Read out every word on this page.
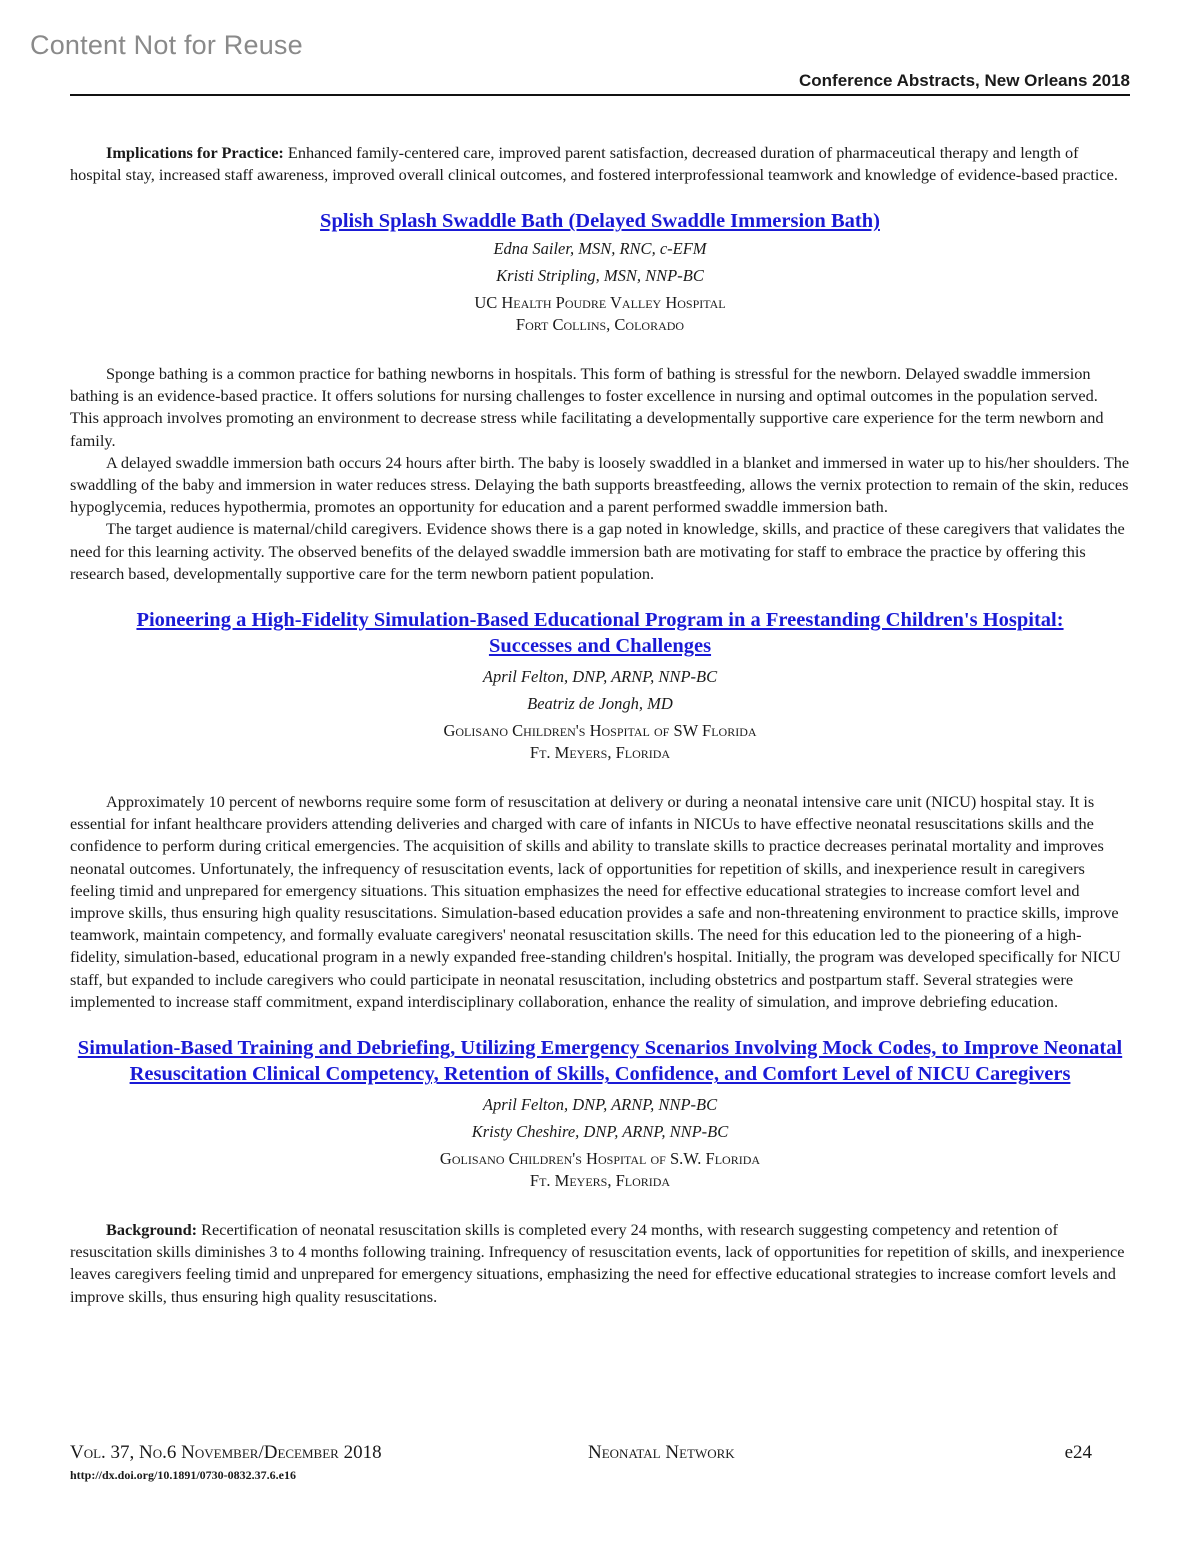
Content Not for Reuse
Conference Abstracts, New Orleans 2018

Implications for Practice: Enhanced family-centered care, improved parent satisfaction, decreased duration of pharmaceutical therapy and length of hospital stay, increased staff awareness, improved overall clinical outcomes, and fostered interprofessional teamwork and knowledge of evidence-based practice.

Splish Splash Swaddle Bath (Delayed Swaddle Immersion Bath)

Edna Sailer, MSN, RNC, c-EFM

Kristi Stripling, MSN, NNP-BC

UC Health Poudre Valley Hospital

Fort Collins, Colorado

Sponge bathing is a common practice for bathing newborns in hospitals. This form of bathing is stressful for the newborn. Delayed swaddle immersion bathing is an evidence-based practice. It offers solutions for nursing challenges to foster excellence in nursing and optimal outcomes in the population served. This approach involves promoting an environment to decrease stress while facilitating a developmentally supportive care experience for the term newborn and family.

A delayed swaddle immersion bath occurs 24 hours after birth. The baby is loosely swaddled in a blanket and immersed in water up to his/her shoulders. The swaddling of the baby and immersion in water reduces stress. Delaying the bath supports breastfeeding, allows the vernix protection to remain of the skin, reduces hypoglycemia, reduces hypothermia, promotes an opportunity for education and a parent performed swaddle immersion bath.

The target audience is maternal/child caregivers. Evidence shows there is a gap noted in knowledge, skills, and practice of these caregivers that validates the need for this learning activity. The observed benefits of the delayed swaddle immersion bath are motivating for staff to embrace the practice by offering this research based, developmentally supportive care for the term newborn patient population.

Pioneering a High-Fidelity Simulation-Based Educational Program in a Freestanding Children's Hospital: Successes and Challenges

April Felton, DNP, ARNP, NNP-BC

Beatriz de Jongh, MD

Golisano Children's Hospital of SW Florida

Ft. Meyers, Florida

Approximately 10 percent of newborns require some form of resuscitation at delivery or during a neonatal intensive care unit (NICU) hospital stay. It is essential for infant healthcare providers attending deliveries and charged with care of infants in NICUs to have effective neonatal resuscitations skills and the confidence to perform during critical emergencies. The acquisition of skills and ability to translate skills to practice decreases perinatal mortality and improves neonatal outcomes. Unfortunately, the infrequency of resuscitation events, lack of opportunities for repetition of skills, and inexperience result in caregivers feeling timid and unprepared for emergency situations. This situation emphasizes the need for effective educational strategies to increase comfort level and improve skills, thus ensuring high quality resuscitations. Simulation-based education provides a safe and non-threatening environment to practice skills, improve teamwork, maintain competency, and formally evaluate caregivers' neonatal resuscitation skills. The need for this education led to the pioneering of a high-fidelity, simulation-based, educational program in a newly expanded free-standing children's hospital. Initially, the program was developed specifically for NICU staff, but expanded to include caregivers who could participate in neonatal resuscitation, including obstetrics and postpartum staff. Several strategies were implemented to increase staff commitment, expand interdisciplinary collaboration, enhance the reality of simulation, and improve debriefing education.

Simulation-Based Training and Debriefing, Utilizing Emergency Scenarios Involving Mock Codes, to Improve Neonatal Resuscitation Clinical Competency, Retention of Skills, Confidence, and Comfort Level of NICU Caregivers

April Felton, DNP, ARNP, NNP-BC

Kristy Cheshire, DNP, ARNP, NNP-BC

Golisano Children's Hospital of S.W. Florida

Ft. Meyers, Florida

Background: Recertification of neonatal resuscitation skills is completed every 24 months, with research suggesting competency and retention of resuscitation skills diminishes 3 to 4 months following training. Infrequency of resuscitation events, lack of opportunities for repetition of skills, and inexperience leaves caregivers feeling timid and unprepared for emergency situations, emphasizing the need for effective educational strategies to increase comfort levels and improve skills, thus ensuring high quality resuscitations.

Vol. 37, No.6 November/December 2018	Neonatal Network	e24
http://dx.doi.org/10.1891/0730-0832.37.6.e16
